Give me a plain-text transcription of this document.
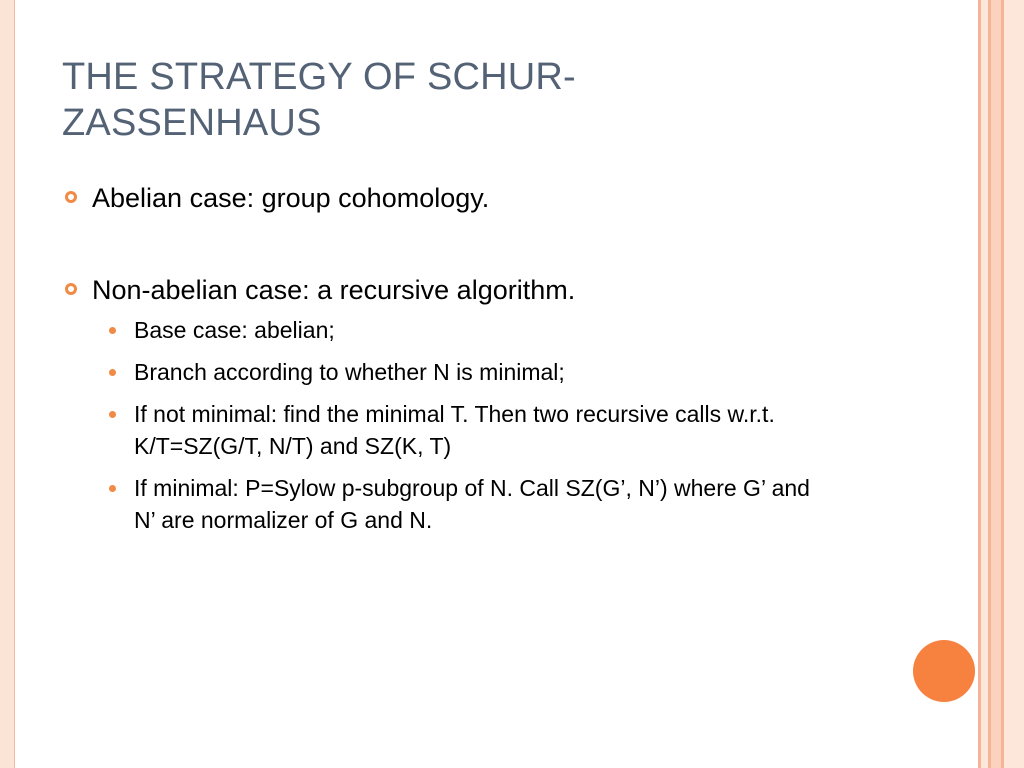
THE STRATEGY OF SCHUR-ZASSENHAUS
Abelian case: group cohomology.
Non-abelian case: a recursive algorithm.
Base case: abelian;
Branch according to whether N is minimal;
If not minimal: find the minimal T. Then two recursive calls w.r.t. K/T=SZ(G/T, N/T) and SZ(K, T)
If minimal: P=Sylow p-subgroup of N. Call SZ(G’, N’) where G’ and N’ are normalizer of G and N.
